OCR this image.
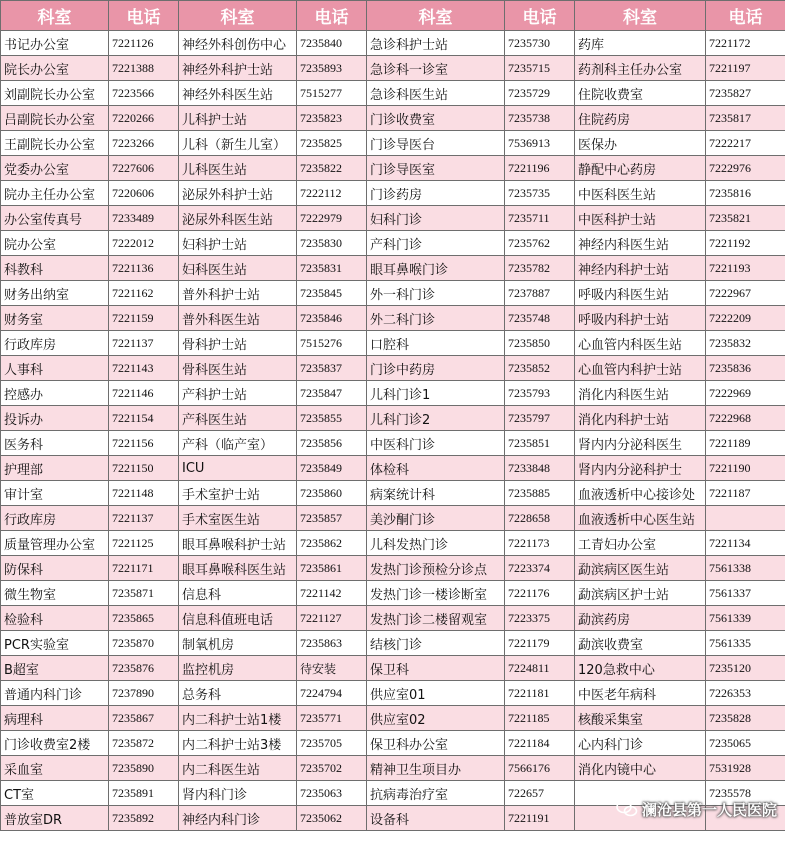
科室	电话	科室	电话	科室	电话	科室	电话
书记办公室	7221126	神经外科创伤中心	7235840	急诊科护士站	7235730	药库	7221172
院长办公室	7221388	神经外科护士站	7235893	急诊科一诊室	7235715	药剂科主任办公室	7221197
刘副院长办公室	7223566	神经外科医生站	7515277	急诊科医生站	7235729	住院收费室	7235827
吕副院长办公室	7220266	儿科护士站	7235823	门诊收费室	7235738	住院药房	7235817
王副院长办公室	7223266	儿科（新生儿室）	7235825	门诊导医台	7536913	医保办	7222217
党委办公室	7227606	儿科医生站	7235822	门诊导医室	7221196	静配中心药房	7222976
院办主任办公室	7220606	泌尿外科护士站	7222112	门诊药房	7235735	中医科医生站	7235816
办公室传真号	7233489	泌尿外科医生站	7222979	妇科门诊	7235711	中医科护士站	7235821
院办公室	7222012	妇科护士站	7235830	产科门诊	7235762	神经内科医生站	7221192
科教科	7221136	妇科医生站	7235831	眼耳鼻喉门诊	7235782	神经内科护士站	7221193
财务出纳室	7221162	普外科护士站	7235845	外一科门诊	7237887	呼吸内科医生站	7222967
财务室	7221159	普外科医生站	7235846	外二科门诊	7235748	呼吸内科护士站	7222209
行政库房	7221137	骨科护士站	7515276	口腔科	7235850	心血管内科医生站	7235832
人事科	7221143	骨科医生站	7235837	门诊中药房	7235852	心血管内科护士站	7235836
控感办	7221146	产科护士站	7235847	儿科门诊1	7235793	消化内科医生站	7222969
投诉办	7221154	产科医生站	7235855	儿科门诊2	7235797	消化内科护士站	7222968
医务科	7221156	产科（临产室）	7235856	中医科门诊	7235851	肾内内分泌科医生	7221189
护理部	7221150	ICU	7235849	体检科	7233848	肾内内分泌科护士	7221190
审计室	7221148	手术室护士站	7235860	病案统计科	7235885	血液透析中心接诊处	7221187
行政库房	7221137	手术室医生站	7235857	美沙酮门诊	7228658	血液透析中心医生站	
质量管理办公室	7221125	眼耳鼻喉科护士站	7235862	儿科发热门诊	7221173	工青妇办公室	7221134
防保科	7221171	眼耳鼻喉科医生站	7235861	发热门诊预检分诊点	7223374	勐滨病区医生站	7561338
微生物室	7235871	信息科	7221142	发热门诊一楼诊断室	7221176	勐滨病区护士站	7561337
检验科	7235865	信息科值班电话	7221127	发热门诊二楼留观室	7223375	勐滨药房	7561339
PCR实验室	7235870	制氧机房	7235863	结核门诊	7221179	勐滨收费室	7561335
B超室	7235876	监控机房	待安装	保卫科	7224811	120急救中心	7235120
普通内科门诊	7237890	总务科	7224794	供应室01	7221181	中医老年病科	7226353
病理科	7235867	内二科护士站1楼	7235771	供应室02	7221185	核酸采集室	7235828
门诊收费室2楼	7235872	内二科护士站3楼	7235705	保卫科办公室	7221184	心内科门诊	7235065
采血室	7235890	内二科医生站	7235702	精神卫生项目办	7566176	消化内镜中心	7531928
CT室	7235891	肾内科门诊	7235063	抗病毒治疗室	722657		7235578
普放室DR	7235892	神经内科门诊	7235062	设备科	7221191			澜沧县第一人民医院
